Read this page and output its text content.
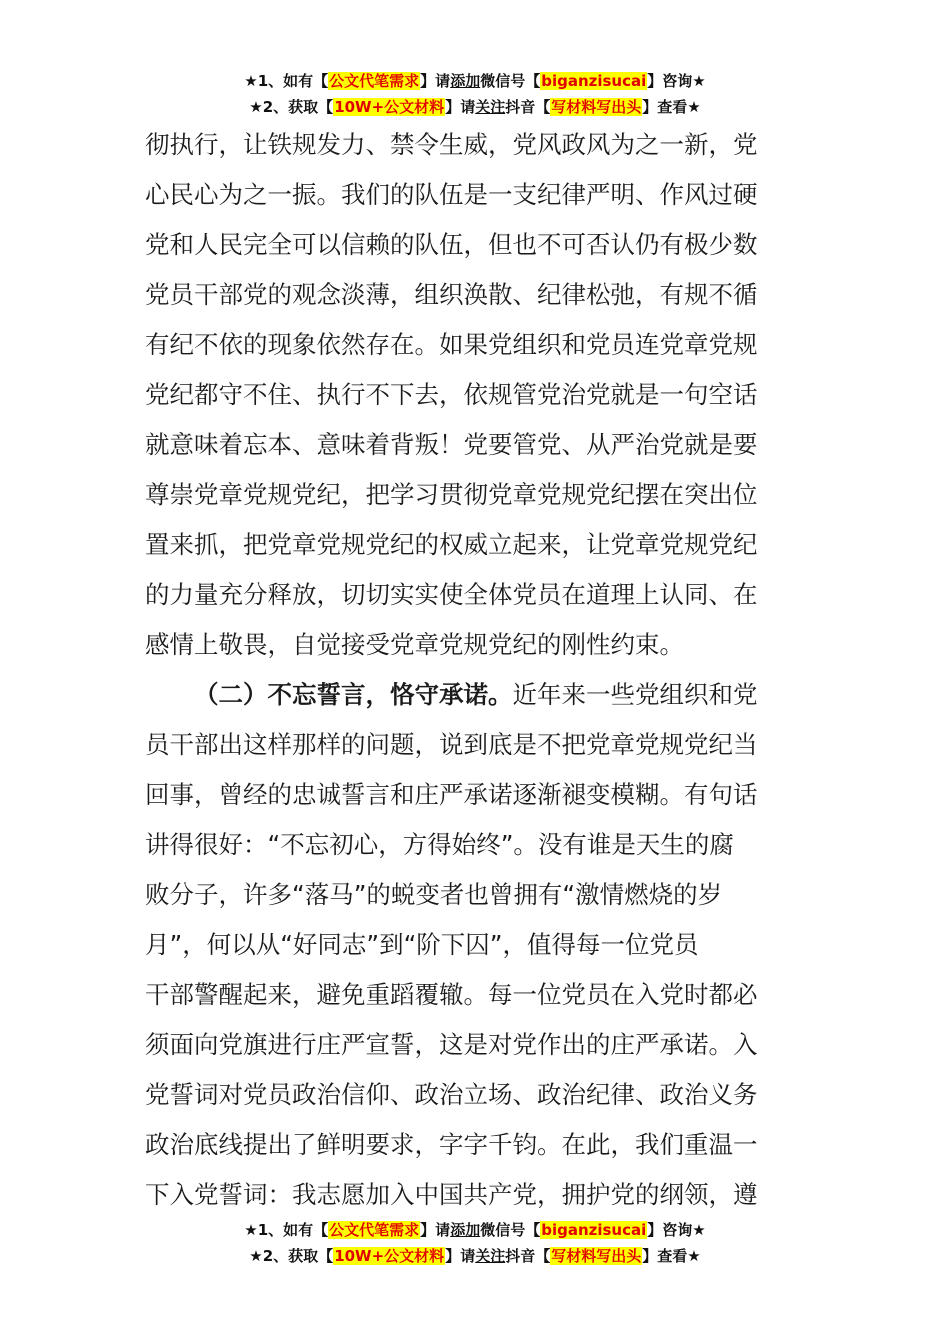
★1、如有【公文代笔需求】请添加微信号【biganzisucai】咨询★
★2、获取【10W+公文材料】请关注抖音【写材料写出头】查看★
彻执行，让铁规发力、禁令生威，党风政风为之一新，党
心民心为之一振。我们的队伍是一支纪律严明、作风过硬
党和人民完全可以信赖的队伍，但也不可否认仍有极少数
党员干部党的观念淡薄，组织涣散、纪律松弛，有规不循
有纪不依的现象依然存在。如果党组织和党员连党章党规
党纪都守不住、执行不下去，依规管党治党就是一句空话
就意味着忘本、意味着背叛！党要管党、从严治党就是要
尊崇党章党规党纪，把学习贯彻党章党规党纪摆在突出位
置来抓，把党章党规党纪的权威立起来，让党章党规党纪
的力量充分释放，切切实实使全体党员在道理上认同、在
感情上敬畏，自觉接受党章党规党纪的刚性约束。
（二）不忘誓言，恪守承诺。近年来一些党组织和党
员干部出这样那样的问题，说到底是不把党章党规党纪当
回事，曾经的忠诚誓言和庄严承诺逐渐褪变模糊。有句话
讲得很好：“不忘初心，方得始终”。没有谁是天生的腐
败分子，许多“落马”的蜕变者也曾拥有“激情燃烧的岁
月”，何以从“好同志”到“阶下囚”，值得每一位党员
干部警醒起来，避免重蹈覆辙。每一位党员在入党时都必
须面向党旗进行庄严宣誓，这是对党作出的庄严承诺。入
党誓词对党员政治信仰、政治立场、政治纪律、政治义务
政治底线提出了鲜明要求，字字千钧。在此，我们重温一
下入党誓词：我志愿加入中国共产党，拥护党的纲领，遵
★1、如有【公文代笔需求】请添加微信号【biganzisucai】咨询★
★2、获取【10W+公文材料】请关注抖音【写材料写出头】查看★
